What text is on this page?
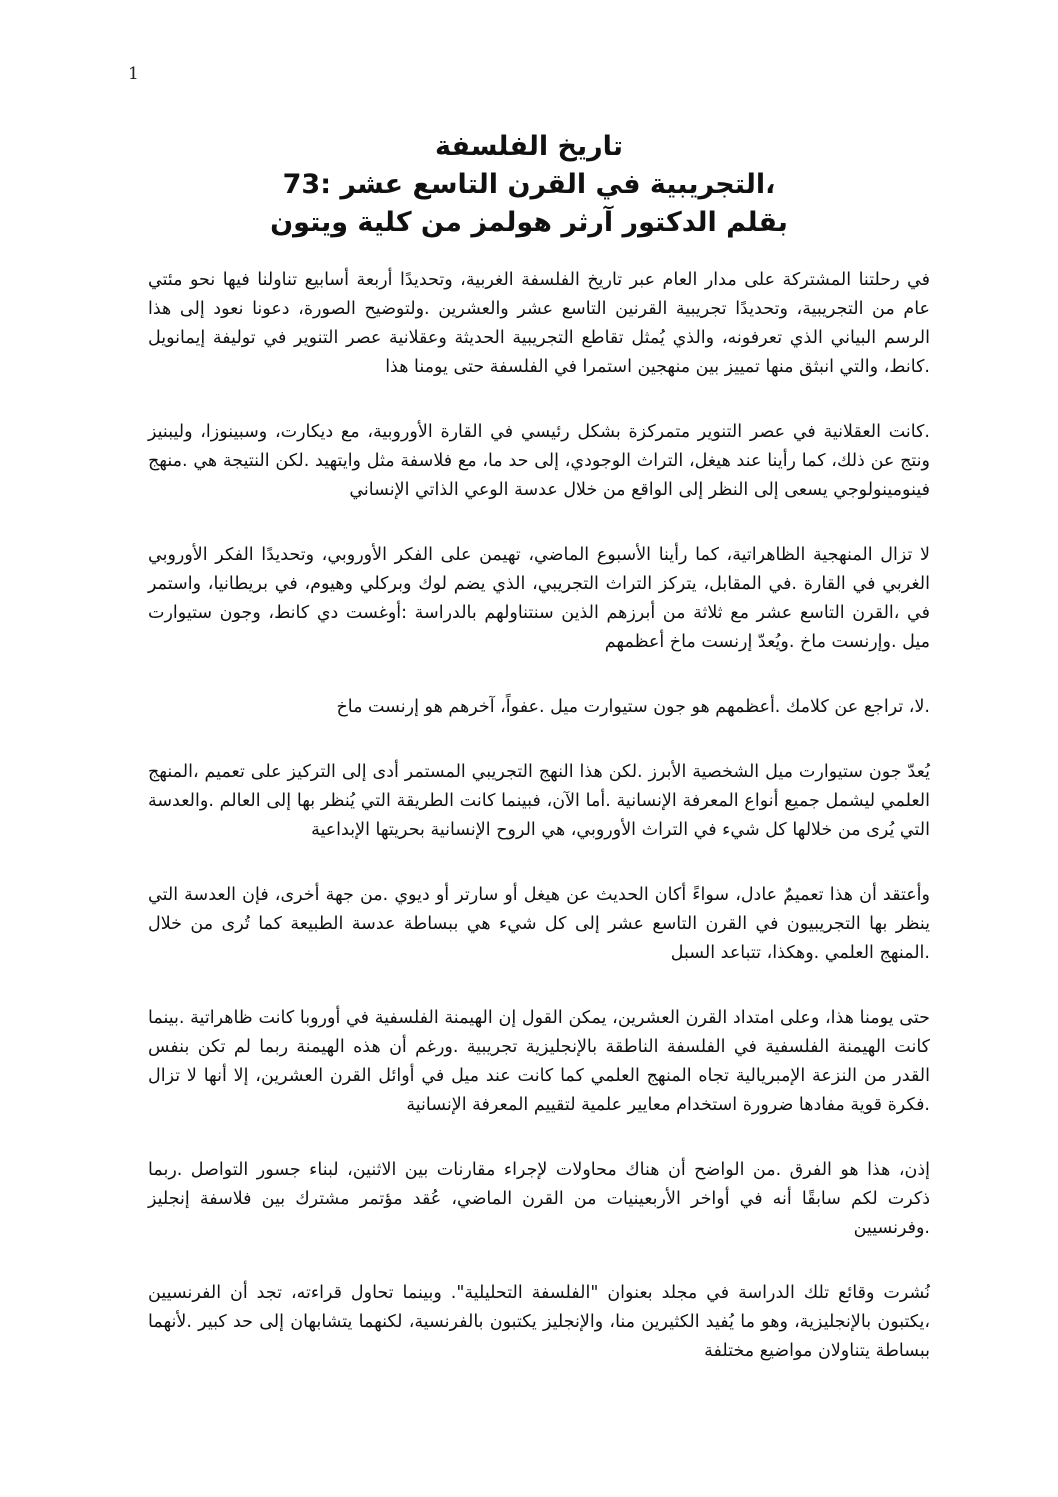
1

تاريخ الفلسفة

،التجريبية في القرن التاسع عشر :73

بقلم الدكتور آرثر هولمز من كلية ويتون

في رحلتنا المشتركة على مدار العام عبر تاريخ الفلسفة الغربية، وتحديدًا أربعة أسابيع تناولنا فيها نحو مئتي عام من التجريبية، وتحديدًا تجريبية القرنين التاسع عشر والعشرين .ولتوضيح الصورة، دعونا نعود إلى هذا الرسم البياني الذي تعرفونه، والذي يُمثل تقاطع التجريبية الحديثة وعقلانية عصر التنوير في توليفة إيمانويل .كانط، والتي انبثق منها تمييز بين منهجين استمرا في الفلسفة حتى يومنا هذا

.كانت العقلانية في عصر التنوير متمركزة بشكل رئيسي في القارة الأوروبية، مع ديكارت، وسبينوزا، وليبنيز ونتج عن ذلك، كما رأينا عند هيغل، التراث الوجودي، إلى حد ما، مع فلاسفة مثل وايتهيد .لكن النتيجة هي .منهج فينومينولوجي يسعى إلى النظر إلى الواقع من خلال عدسة الوعي الذاتي الإنساني

لا تزال المنهجية الظاهراتية، كما رأينا الأسبوع الماضي، تهيمن على الفكر الأوروبي، وتحديدًا الفكر الأوروبي الغربي في القارة .في المقابل، يتركز التراث التجريبي، الذي يضم لوك وبركلي وهيوم، في بريطانيا، واستمر في ،القرن التاسع عشر مع ثلاثة من أبرزهم الذين سنتناولهم بالدراسة :أوغست دي كانط، وجون ستيوارت ميل .وإرنست ماخ .ويُعدّ إرنست ماخ أعظمهم

.لا، تراجع عن كلامك .أعظمهم هو جون ستيوارت ميل .عفواً، آخرهم هو إرنست ماخ

يُعدّ جون ستيوارت ميل الشخصية الأبرز .لكن هذا النهج التجريبي المستمر أدى إلى التركيز على تعميم ،المنهج العلمي ليشمل جميع أنواع المعرفة الإنسانية .أما الآن، فبينما كانت الطريقة التي يُنظر بها إلى العالم .والعدسة التي يُرى من خلالها كل شيء في التراث الأوروبي، هي الروح الإنسانية بحريتها الإبداعية

وأعتقد أن هذا تعميمٌ عادل، سواءً أكان الحديث عن هيغل أو سارتر أو ديوي .من جهة أخرى، فإن العدسة التي ينظر بها التجريبيون في القرن التاسع عشر إلى كل شيء هي ببساطة عدسة الطبيعة كما تُرى من خلال .المنهج العلمي .وهكذا، تتباعد السبل

حتى يومنا هذا، وعلى امتداد القرن العشرين، يمكن القول إن الهيمنة الفلسفية في أوروبا كانت ظاهراتية .بينما كانت الهيمنة الفلسفية في الفلسفة الناطقة بالإنجليزية تجريبية .ورغم أن هذه الهيمنة ربما لم تكن بنفس القدر من النزعة الإمبريالية تجاه المنهج العلمي كما كانت عند ميل في أوائل القرن العشرين، إلا أنها لا تزال .فكرة قوية مفادها ضرورة استخدام معايير علمية لتقييم المعرفة الإنسانية

إذن، هذا هو الفرق .من الواضح أن هناك محاولات لإجراء مقارنات بين الاثنين، لبناء جسور التواصل .ربما ذكرت لكم سابقًا أنه في أواخر الأربعينيات من القرن الماضي، عُقد مؤتمر مشترك بين فلاسفة إنجليز .وفرنسيين

نُشرت وقائع تلك الدراسة في مجلد بعنوان "الفلسفة التحليلية". وبينما تحاول قراءته، تجد أن الفرنسيين ،يكتبون بالإنجليزية، وهو ما يُفيد الكثيرين منا، والإنجليز يكتبون بالفرنسية، لكنهما يتشابهان إلى حد كبير .لأنهما ببساطة يتناولان مواضيع مختلفة
